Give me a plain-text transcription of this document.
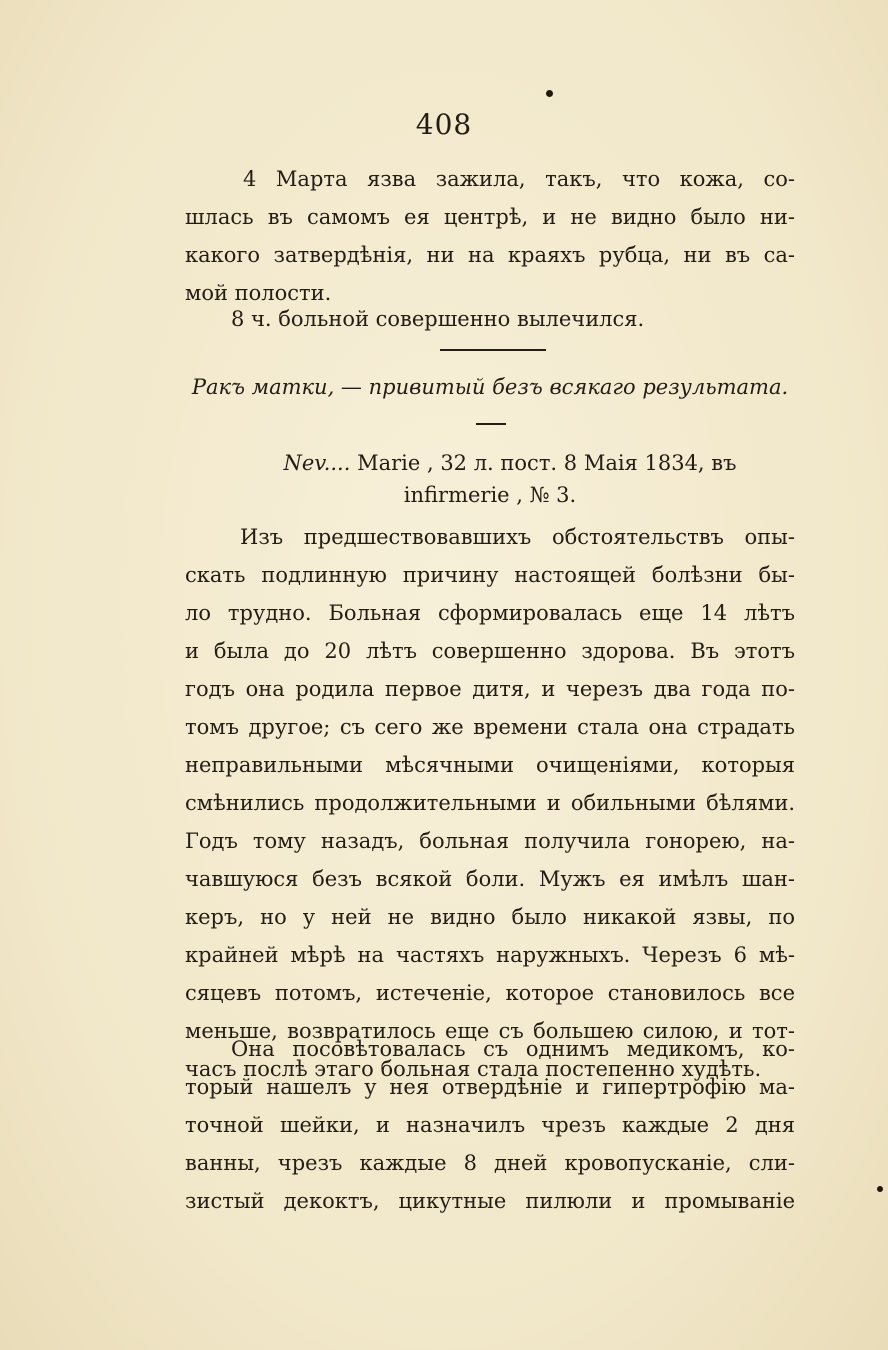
408
4 Марта язва зажила, такъ, что кожа, со-
шлась въ самомъ ея центрѣ, и не видно было ни-
какого затвердѣнія, ни на краяхъ рубца, ни въ са-
мой полости.
8 ч. больной совершенно вылечился.
Ракъ матки, — привитый безъ всякаго результата.
Nev.... Marie , 32 л. пост. 8 Маія 1834, въ
infirmerie , № 3.
Изъ предшествовавшихъ обстоятельствъ опы-
скать подлинную причину настоящей болѣзни бы-
ло трудно. Больная сформировалась еще 14 лѣтъ
и была до 20 лѣтъ совершенно здорова. Въ этотъ
годъ она родила первое дитя, и черезъ два года по-
томъ другое; съ сего же времени стала она страдать
неправильными мѣсячными очищеніями, которыя
смѣнились продолжительными и обильными бѣлями.
Годъ тому назадъ, больная получила гонорею, на-
чавшуюся безъ всякой боли. Мужъ ея имѣлъ шан-
керъ, но у ней не видно было никакой язвы, по
крайней мѣрѣ на частяхъ наружныхъ. Черезъ 6 мѣ-
сяцевъ потомъ, истеченіе, которое становилось все
меньше, возвратилось еще съ большею силою, и тот-
часъ послѣ этаго больная стала постепенно худѣть.
Она посовѣтовалась съ однимъ медикомъ, ко-
торый нашелъ у нея отвердѣніе и гипертрофію ма-
точной шейки, и назначилъ чрезъ каждые 2 дня
ванны, чрезъ каждые 8 дней кровопусканіе, сли-
зистый декоктъ, цикутные пилюли и промываніе
